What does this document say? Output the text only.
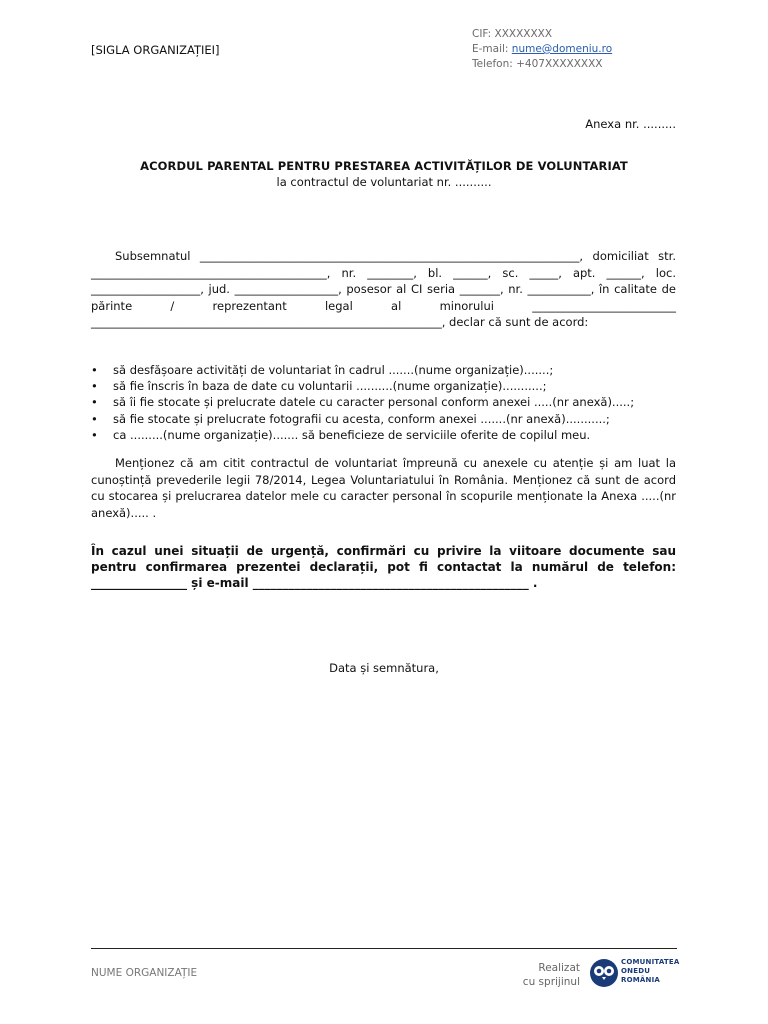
[SIGLA ORGANIZAȚIEI]
CIF: XXXXXXXX
E-mail: nume@domeniu.ro
Telefon: +407XXXXXXXX
Anexa nr. .........
ACORDUL PARENTAL PENTRU PRESTAREA ACTIVITĂȚILOR DE VOLUNTARIAT
la contractul de voluntariat nr. ..........
Subsemnatul __________________________________________________________________, domiciliat str. _________________________________________, nr. ________, bl. ______, sc. _____, apt. ______, loc. ___________________, jud. __________________, posesor al CI seria _______, nr. ___________, în calitate de părinte / reprezentant legal al minorului _________________________ _____________________________________________________________, declar că sunt de acord:
• să desfășoare activități de voluntariat în cadrul .......(nume organizație).......;
• să fie înscris în baza de date cu voluntarii ..........(nume organizație)...........;
• să îi fie stocate și prelucrate datele cu caracter personal conform anexei .....(nr anexă).....;
• să fie stocate și prelucrate fotografii cu acesta, conform anexei .......(nr anexă)...........;
• ca .........(nume organizație)....... să beneficieze de serviciile oferite de copilul meu.
Menționez că am citit contractul de voluntariat împreună cu anexele cu atenție și am luat la cunoștință prevederile legii 78/2014, Legea Voluntariatului în România. Menționez că sunt de acord cu stocarea și prelucrarea datelor mele cu caracter personal în scopurile menționate la Anexa .....(nr anexă)..... .
În cazul unei situații de urgență, confirmări cu privire la viitoare documente sau pentru confirmarea prezentei declarații, pot fi contactat la numărul de telefon: ________________ și e-mail ______________________________________________ .
Data și semnătura,
NUME ORGANIZAȚIE	Realizat
cu sprijinul
COMUNITATEA
ONEDU
ROMÂNIA
